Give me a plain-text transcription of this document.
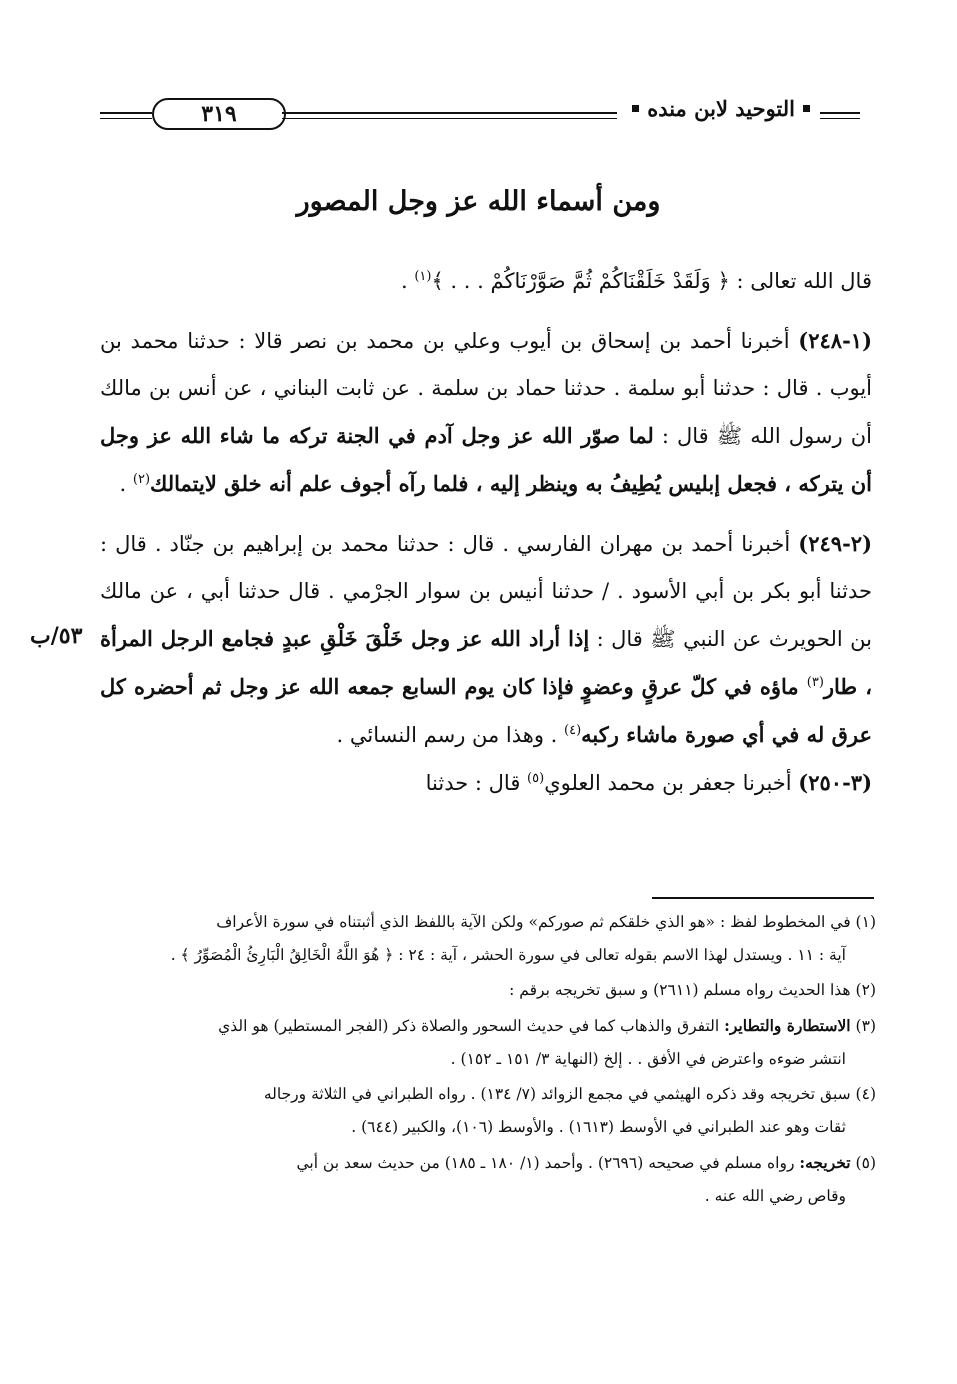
٣١٩	التوحيد لابن منده
ومن أسماء الله عز وجل المصور

قال الله تعالى : ﴿ وَلَقَدْ خَلَقْنَاكُمْ ثُمَّ صَوَّرْنَاكُمْ . . . ﴾$^{(١)}$ .

(١-٢٤٨) أخبرنا أحمد بن إسحاق بن أيوب وعلي بن محمد بن نصر قالا : حدثنا محمد بن أيوب . قال : حدثنا أبو سلمة . حدثنا حماد بن سلمة . عن ثابت البناني ، عن أنس بن مالك أن رسول الله ﷺ قال : لما صوّر الله عز وجل آدم في الجنة تركه ما شاء الله عز وجل أن يتركه ، فجعل إبليس يُطِيفُ به وينظر إليه ، فلما رآه أجوف علم أنه خلق لايتمالك$^{(٢)}$ .

(٢-٢٤٩) أخبرنا أحمد بن مهران الفارسي . قال : حدثنا محمد بن إبراهيم بن جنّاد . قال : حدثنا أبو بكر بن أبي الأسود . / حدثنا أنيس بن سوار الجرْمي . قال حدثنا أبي ، عن مالك بن الحويرث عن النبي ﷺ قال : إذا أراد الله عز وجل خَلْقَ خَلْقِ عبدٍ فجامع الرجل المرأة ، طار$^{(٣)}$ ماؤه في كلّ عرقٍ وعضوٍ فإذا كان يوم السابع جمعه الله عز وجل ثم أحضره كل عرق له في أي صورة ماشاء ركبه$^{(٤)}$ . وهذا من رسم النسائي .

(٣-٢٥٠) أخبرنا جعفر بن محمد العلوي$^{(٥)}$ قال : حدثنا

٥٣/ب
(١) في المخطوط لفظ : «هو الذي خلقكم ثم صوركم» ولكن الآية باللفظ الذي أثبتناه في سورة الأعراف
آية : ١١ . ويستدل لهذا الاسم بقوله تعالى في سورة الحشر ، آية : ٢٤ : ﴿ هُوَ اللَّهُ الْخَالِقُ الْبَارِئُ الْمُصَوِّرُ ﴾ .
(٢) هذا الحديث رواه مسلم (٢٦١١) و سبق تخريجه برقم :
(٣) الاستطارة والتطاير: التفرق والذهاب كما في حديث السحور والصلاة ذكر (الفجر المستطير) هو الذي
انتشر ضوءه واعترض في الأفق . . إلخ (النهاية ٣/ ١٥١ ـ ١٥٢) .
(٤) سبق تخريجه وقد ذكره الهيثمي في مجمع الزوائد (٧/ ١٣٤) . رواه الطبراني في الثلاثة ورجاله
ثقات وهو عند الطبراني في الأوسط (١٦١٣) . والأوسط (١٠٦)، والكبير (٦٤٤) .
(٥) تخريجه: رواه مسلم في صحيحه (٢٦٩٦) . وأحمد (١/ ١٨٠ ـ ١٨٥) من حديث سعد بن أبي
وقاص رضي الله عنه .
